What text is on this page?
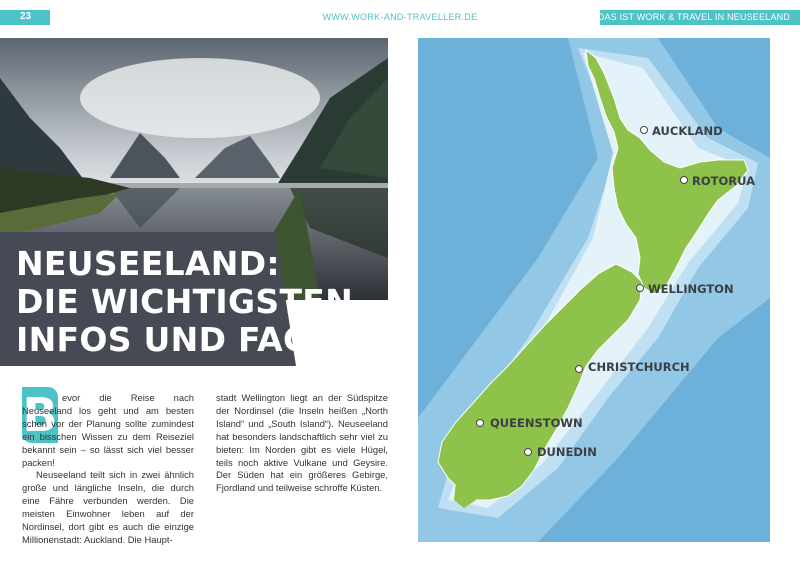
23	WWW.WORK-AND-TRAVELLER.DE	DAS IST WORK & TRAVEL IN NEUSEELAND
NEUSEELAND:
DIE WICHTIGSTEN
INFOS UND FACTS
B evor die Reise nach Neuseeland los geht und am besten schon vor der Planung sollte zumindest ein bisschen Wissen zu dem Reiseziel bekannt sein – so lässt sich viel besser packen!

Neuseeland teilt sich in zwei ähnlich große und längliche Inseln, die durch eine Fähre verbunden werden. Die meisten Einwohner leben auf der Nordinsel, dort gibt es auch die einzige Millionenstadt: Auckland. Die Haupt-

stadt Wellington liegt an der Südspitze der Nordinsel (die Inseln heißen „North Island“ und „South Island“). Neuseeland hat besonders landschaftlich sehr viel zu bieten: Im Norden gibt es viele Hügel, teils noch aktive Vulkane und Geysire. Der Süden hat ein größeres Gebirge, Fjordland und teilweise schroffe Küsten.

AUCKLAND
ROTORUA
WELLINGTON
CHRISTCHURCH
QUEENSTOWN
DUNEDIN
